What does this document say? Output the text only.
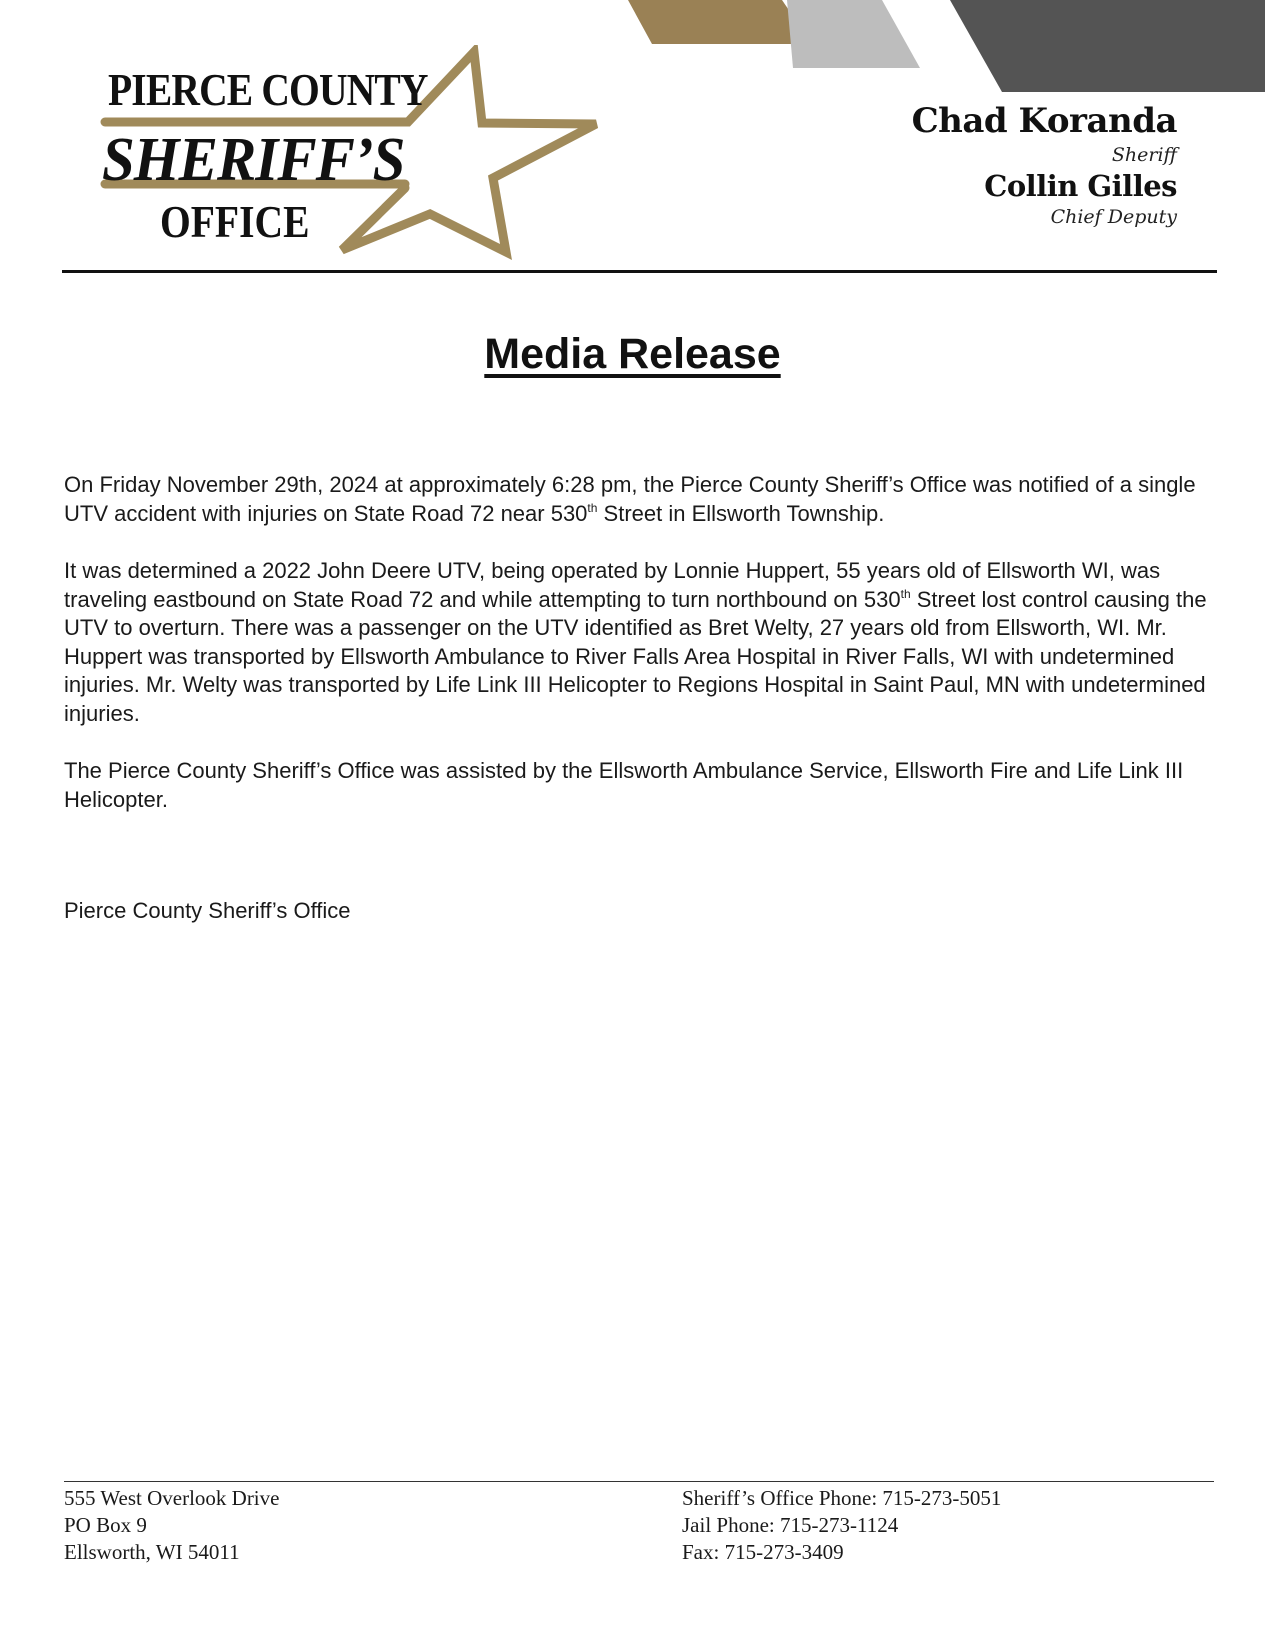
PIERCE COUNTY
SHERIFF’S
OFFICE
Chad Koranda
Sheriff
Collin Gilles
Chief Deputy
Media Release

On Friday November 29th, 2024 at approximately 6:28 pm, the Pierce County Sheriff’s Office was notified of a single UTV accident with injuries on State Road 72 near 530th Street in Ellsworth Township.

It was determined a 2022 John Deere UTV, being operated by Lonnie Huppert, 55 years old of Ellsworth WI, was traveling eastbound on State Road 72 and while attempting to turn northbound on 530th Street lost control causing the UTV to overturn. There was a passenger on the UTV identified as Bret Welty, 27 years old from Ellsworth, WI. Mr. Huppert was transported by Ellsworth Ambulance to River Falls Area Hospital in River Falls, WI with undetermined injuries. Mr. Welty was transported by Life Link III Helicopter to Regions Hospital in Saint Paul, MN with undetermined injuries.

The Pierce County Sheriff’s Office was assisted by the Ellsworth Ambulance Service, Ellsworth Fire and Life Link III Helicopter.

Pierce County Sheriff’s Office
555 West Overlook Drive
PO Box 9
Ellsworth, WI 54011
Sheriff’s Office Phone: 715-273-5051
Jail Phone: 715-273-1124
Fax: 715-273-3409
